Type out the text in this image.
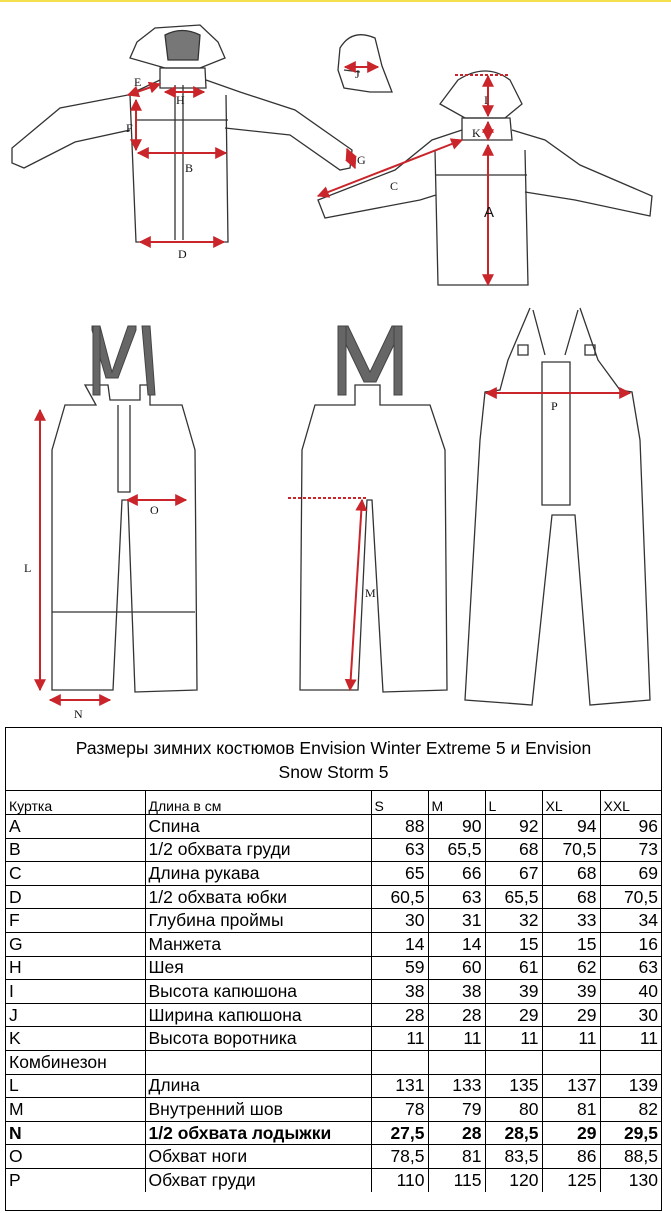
E
H
F
B
D
G
J
I
K
C
A
L
O
N
M
P
Размеры зимних костюмов Envision Winter Extreme 5 и Envision
Snow Storm 5
Куртка	Длина в см	S	M	L	XL	XXL
A	Спина	88	90	92	94	96
B	1/2 обхвата груди	63	65,5	68	70,5	73
C	Длина рукава	65	66	67	68	69
D	1/2 обхвата юбки	60,5	63	65,5	68	70,5
F	Глубина проймы	30	31	32	33	34
G	Манжета	14	14	15	15	16
H	Шея	59	60	61	62	63
I	Высота капюшона	38	38	39	39	40
J	Ширина капюшона	28	28	29	29	30
K	Высота воротника	11	11	11	11	11
Комбинезон						
L	Длина	131	133	135	137	139
M	Внутренний шов	78	79	80	81	82
N	1/2 обхвата лодыжки	27,5	28	28,5	29	29,5
O	Обхват ноги	78,5	81	83,5	86	88,5
P	Обхват груди	110	115	120	125	130
